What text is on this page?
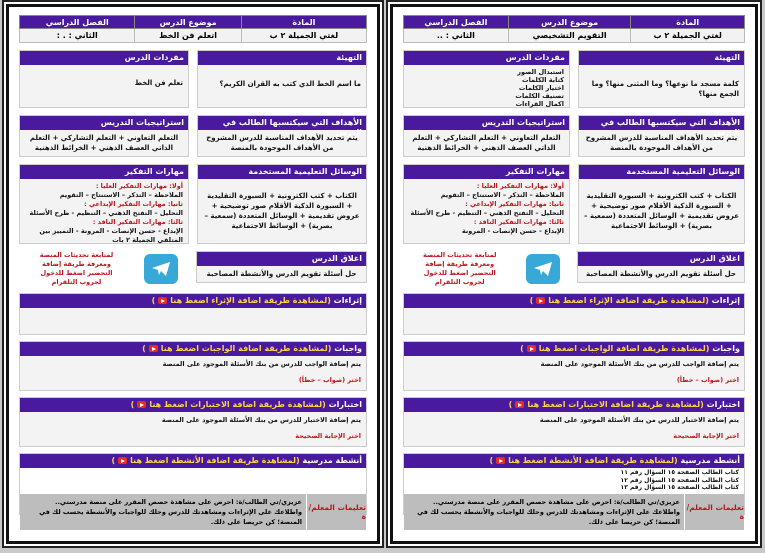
المادة	موضوع الدرس	الفصل الدراسي
لغتي الجميلة ٢ ب	اتعلم فن الخط	الثاني : . :
التهيئة
ما اسم الخط الذي كتب به القران الكريم؟
مفردات الدرس
تعلم فن الخط
الأهداف التي سيكتسبها الطالب في الدرس
يتم تحديد الأهداف المناسبة للدرس المشروح من الأهداف الموجودة بالمنصة
استراتيجيات التدريس
التعلم التعاوني + التعلم التشاركي + التعلم الذاتي العصف الذهني + الخرائط الذهنية
الوسائل التعليمية المستخدمة
الكتاب + كتب الكترونية + السبورة التقليدية + السبورة الذكية الأقلام صور توضيحية + عروض تقديمية + الوسائل المتعددة (سمعية – بصرية) + الوسائط الاجتماعية
مهارات التفكير
أولا: مهارات التفكير العليا :
الملاحظة – التذكر – الاستنتاج – التقويم
ثانيا: مهارات التفكير الإبداعي :
التحليل – التفتح الذهني – التنظيم - طرح الأسئلة
ثالثا: مهارات التفكير الناقد :
الإبداع - حسن الإنصات - المرونة - التمييز بين المتلقي الجميلة ٢ بات
اغلاق الدرس
حل أسئلة تقويم الدرس والأنشطة المصاحبة
لمتابعة تحديثات المنصة ومعرفة طريقة إضافة التحضير اضغط للدخول لجروب التلقرام
إثراءات (لمشاهدة طريقة اضافة الإثراء اضغط هنا)
واجبات (لمشاهدة طريقة اضافة الواجبات اضغط هنا)
يتم إضافة الواجب للدرس من بنك الأسئلة الموجود على المنصة
اختر (صواب – خطأ)
اختبارات (لمشاهدة طريقة اضافة الاختبارات اضغط هنا)
يتم إضافة الاختبار للدرس من بنك الأسئلة الموجود على المنصة
اختر الإجابة الصحيحة
أنشطة مدرسية (لمشاهدة طريقة اضافة الأنشطة اضغط هنا)
تعليمات المعلم/ة
عزيزي/تي الطالب/ة: احرص على مشاهدة حصص المقرر على منصة مدرستي..
واطلاعك على الإثراءات ومشاهدتك للدرس وحلك للواجبات والأنشطة يحسب لك في المنصة؛ كن حريصا على ذلك.
المادة	موضوع الدرس	الفصل الدراسي
لغتي الجميلة ٢ ب	التقويم التشخيصي	الثاني : ..
التهيئة
كلمة مسجد ما نوعها؟ وما المثنى منها؟ وما الجمع منها؟
مفردات الدرس
استبدال الصور
كتابة الكلمات
اختيار الكلمات
تصنيف الكلمات
اكمال القراءات
الأهداف التي سيكتسبها الطالب في الدرس
يتم تحديد الأهداف المناسبة للدرس المشروح من الأهداف الموجودة بالمنصة
استراتيجيات التدريس
التعلم التعاوني + التعلم التشاركي + التعلم الذاتي العصف الذهني + الخرائط الذهنية
الوسائل التعليمية المستخدمة
الكتاب + كتب الكترونية + السبورة التقليدية + السبورة الذكية الأقلام صور توضيحية + عروض تقديمية + الوسائل المتعددة (سمعية – بصرية) + الوسائط الاجتماعية
مهارات التفكير
أولا: مهارات التفكير العليا :
الملاحظة – التذكر – الاستنتاج – التقويم
ثانيا: مهارات التفكير الإبداعي :
التحليل – التفتح الذهني – التنظيم - طرح الأسئلة
ثالثا: مهارات التفكير الناقد :
الإبداع - حسن الإنصات - المرونة
اغلاق الدرس
حل أسئلة تقويم الدرس والأنشطة المصاحبة
لمتابعة تحديثات المنصة ومعرفة طريقة إضافة التحضير اضغط للدخول لجروب التلقرام
إثراءات (لمشاهدة طريقة اضافة الإثراء اضغط هنا)
واجبات (لمشاهدة طريقة اضافة الواجبات اضغط هنا)
يتم إضافة الواجب للدرس من بنك الأسئلة الموجود على المنصة
اختر (صواب – خطأ)
اختبارات (لمشاهدة طريقة اضافة الاختبارات اضغط هنا)
يتم إضافة الاختبار للدرس من بنك الأسئلة الموجود على المنصة
اختر الإجابة الصحيحة
أنشطة مدرسية (لمشاهدة طريقة اضافة الأنشطة اضغط هنا)
كتاب الطالب الصفحة ١٥ السؤال رقم ١١
كتاب الطالب الصفحة ١٥ السؤال رقم ١٢
كتاب الطالب الصفحة ١٥ السؤال رقم ١٣
تعليمات المعلم/ة
عزيزي/تي الطالب/ة: احرص على مشاهدة حصص المقرر على منصة مدرستي..
واطلاعك على الإثراءات ومشاهدتك للدرس وحلك للواجبات والأنشطة يحسب لك في المنصة؛ كن حريصا على ذلك.
